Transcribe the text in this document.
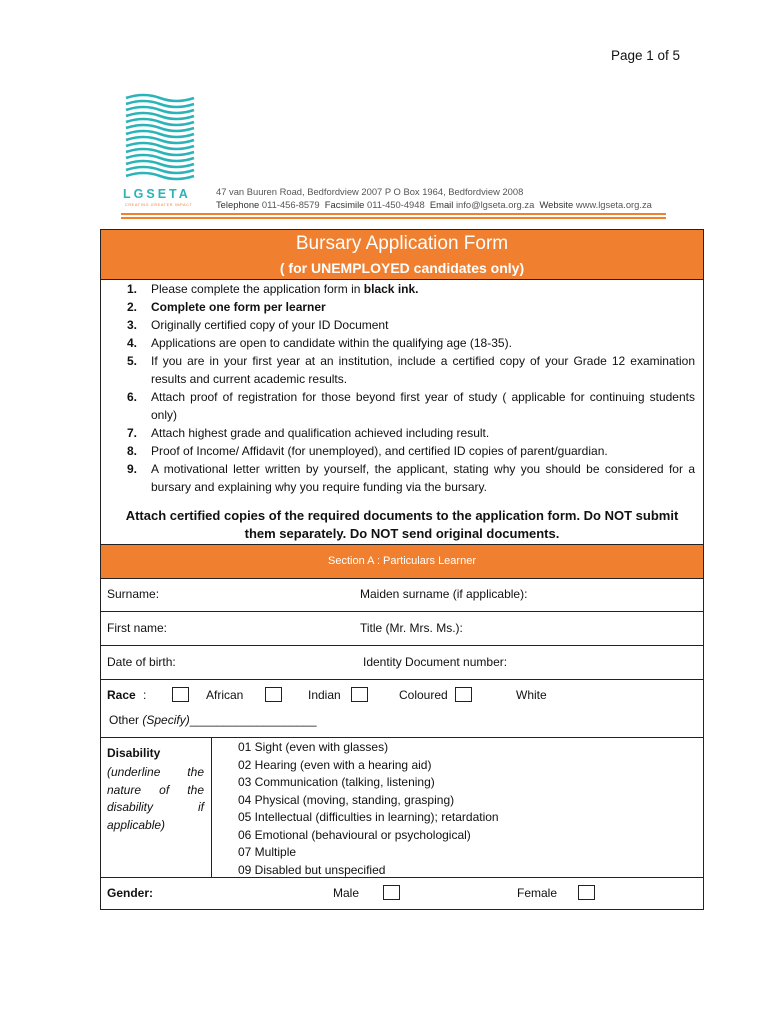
Page 1 of 5
LGSETA
CREATING GREATER IMPACT
47 van Buuren Road, Bedfordview 2007 P O Box 1964, Bedfordview 2008
Telephone 011-456-8579 Facsimile 011-450-4948 Email info@lgseta.org.za Website www.lgseta.org.za
Bursary Application Form
( for UNEMPLOYED candidates only)
1. Please complete the application form in black ink.
2. Complete one form per learner
3. Originally certified copy of your ID Document
4. Applications are open to candidate within the qualifying age (18-35).
5. If you are in your first year at an institution, include a certified copy of your Grade 12 examination results and current academic results.
6. Attach proof of registration for those beyond first year of study ( applicable for continuing students only)
7. Attach highest grade and qualification achieved including result.
8. Proof of Income/ Affidavit (for unemployed), and certified ID copies of parent/guardian.
9. A motivational letter written by yourself, the applicant, stating why you should be considered for a bursary and explaining why you require funding via the bursary.
Attach certified copies of the required documents to the application form. Do NOT submit them separately. Do NOT send original documents.
Section A : Particulars Learner
Surname:	Maiden surname (if applicable):
First name:	Title (Mr. Mrs. Ms.):
Date of birth:	Identity Document number:
Race :	African	Indian	Coloured	White
Other (Specify)___________________
Disability
(underline the nature of the disability if applicable)
01 Sight (even with glasses)
02 Hearing (even with a hearing aid)
03 Communication (talking, listening)
04 Physical (moving, standing, grasping)
05 Intellectual (difficulties in learning); retardation
06 Emotional (behavioural or psychological)
07 Multiple
09 Disabled but unspecified
Gender:	Male	Female
